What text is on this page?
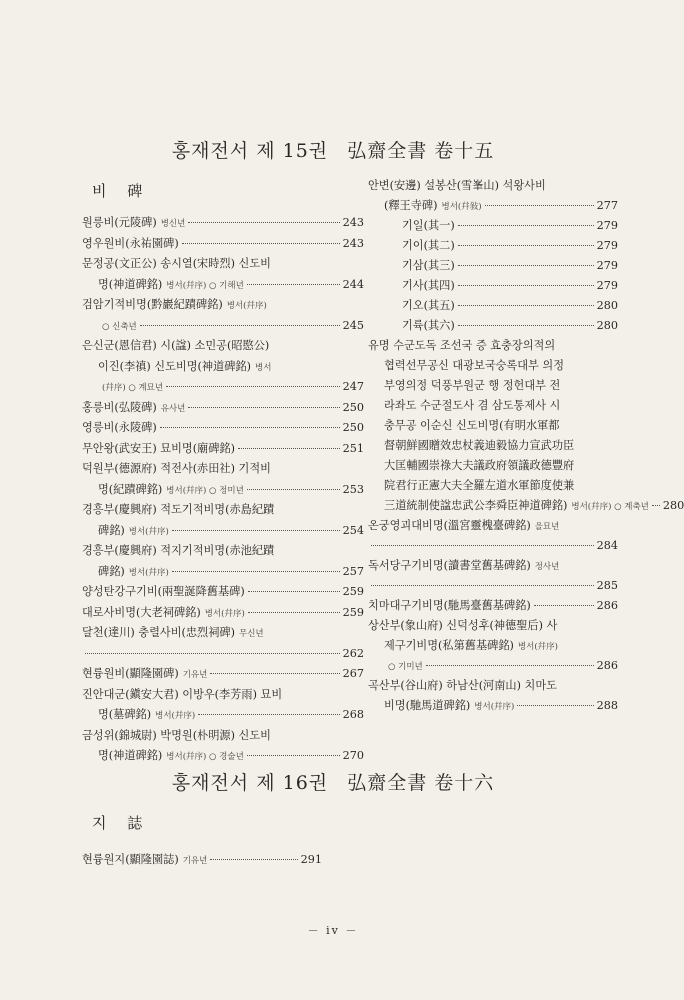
홍재전서 제 15권 弘齋全書 卷十五
비 碑
원릉비(元陵碑) 병신년	243
영우원비(永祐園碑)	243
문정공(文正公) 송시열(宋時烈) 신도비
명(神道碑銘) 병서(幷序) ○ 기해년	244
검암기적비명(黔巖紀蹟碑銘) 병서(幷序)
○ 신축년	245
은신군(恩信君) 시(諡) 소민공(昭愍公)
이진(李禛) 신도비명(神道碑銘) 병서
(幷序) ○ 계묘년	247
홍릉비(弘陵碑) 유사년	250
영릉비(永陵碑)	250
무안왕(武安王) 묘비명(廟碑銘)	251
덕원부(德源府) 적전사(赤田社) 기적비
명(紀蹟碑銘) 병서(幷序) ○ 정미년	253
경흥부(慶興府) 적도기적비명(赤島紀蹟
碑銘) 병서(幷序)	254
경흥부(慶興府) 적지기적비명(赤池紀蹟
碑銘) 병서(幷序)	257
양성탄강구기비(兩聖誕降舊基碑)	259
대로사비명(大老祠碑銘) 병서(幷序)	259
달천(達川) 충렬사비(忠烈祠碑) 무신년
262
현륭원비(顯隆園碑) 기유년	267
진안대군(鎭安大君) 이방우(李芳雨) 묘비
명(墓碑銘) 병서(幷序)	268
금성위(錦城尉) 박명원(朴明源) 신도비
명(神道碑銘) 병서(幷序) ○ 경술년	270
안변(安邊) 설봉산(雪峯山) 석왕사비
(釋王寺碑) 병서(幷敍)	277
기일(其一)	279
기이(其二)	279
기삼(其三)	279
기사(其四)	279
기오(其五)	280
기륙(其六)	280
유명 수군도독 조선국 증 효충장의적의
협력선무공신 대광보국숭록대부 의정
부영의정 덕풍부원군 행 정헌대부 전
라좌도 수군절도사 겸 삼도통제사 시
충무공 이순신 신도비명(有明水軍都
督朝鮮國贈效忠杖義迪毅協力宣武功臣
大匡輔國崇祿大夫議政府領議政德豐府
院君行正憲大夫全羅左道水軍節度使兼
三道統制使諡忠武公李舜臣神道碑銘) 병서(幷序) ○ 계축년 280
온궁영괴대비명(溫宮靈槐臺碑銘) 을묘년
284
독서당구기비명(讀書堂舊基碑銘) 정사년
285
치마대구기비명(馳馬臺舊基碑銘)	286
상산부(象山府) 신덕성후(神德聖后) 사
제구기비명(私第舊基碑銘) 병서(幷序)
○ 기미년	286
곡산부(谷山府) 하남산(河南山) 치마도
비명(馳馬道碑銘) 병서(幷序)	288
홍재전서 제 16권 弘齋全書 卷十六
지 誌
현륭원지(顯隆園誌) 기유년	291
－ iv －
